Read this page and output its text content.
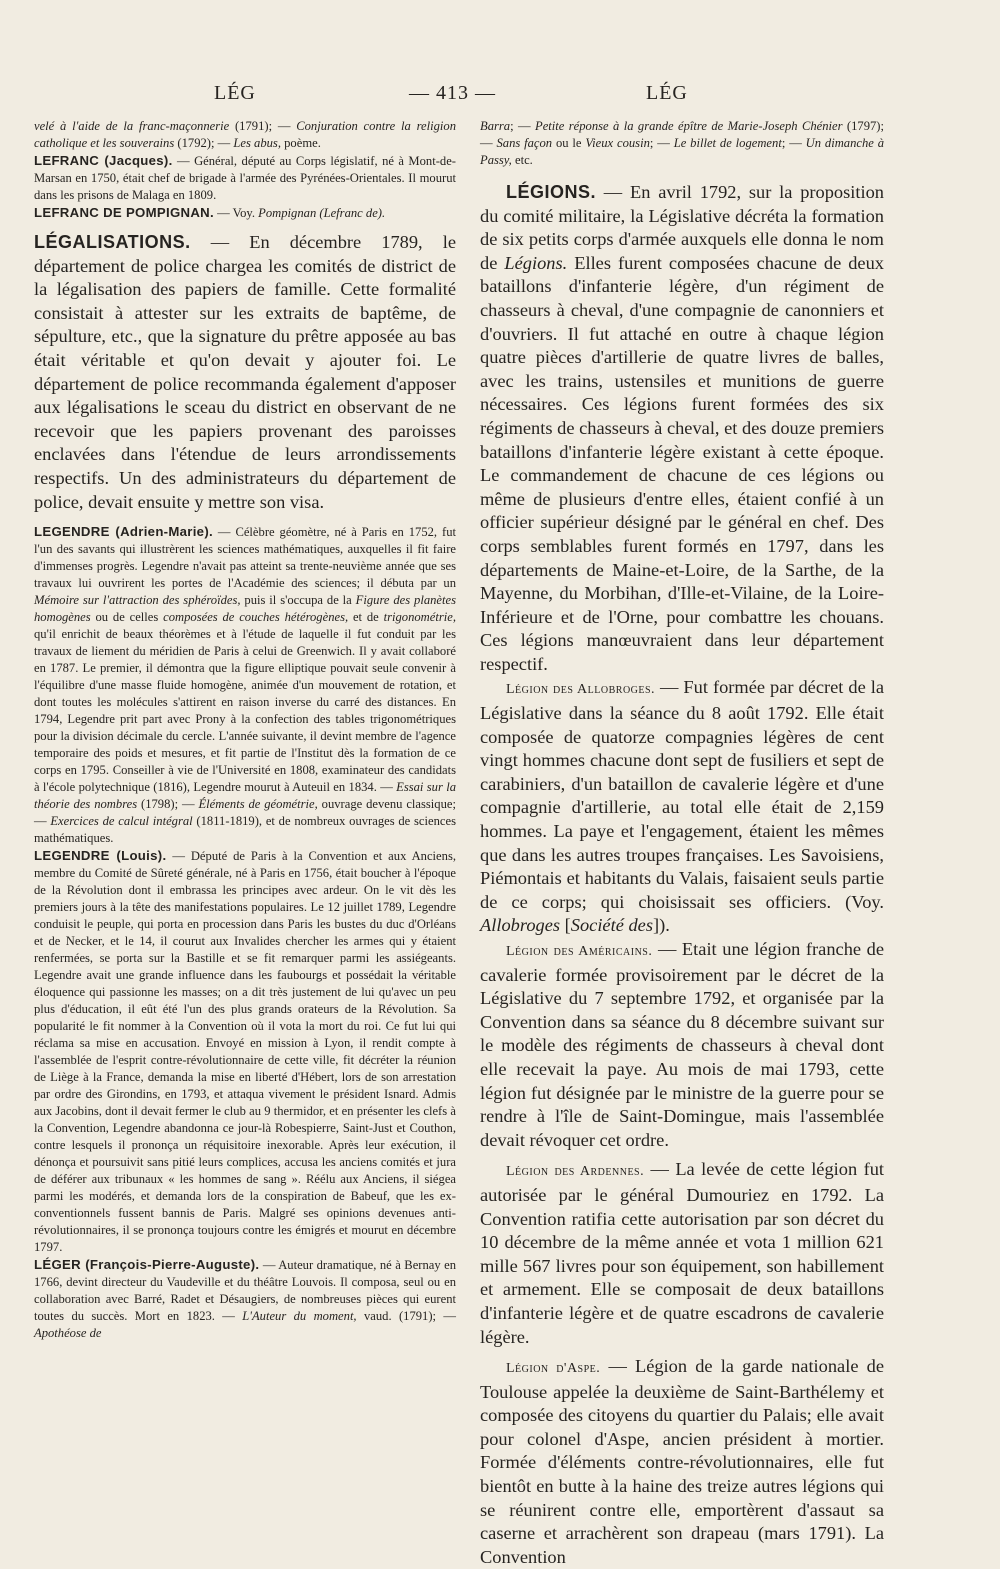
LÉG	— 413 —	LÉG

velé à l'aide de la franc-maçonnerie (1791); — Conjuration contre la religion catholique et les souverains (1792); — Les abus, poème.

LEFRANC (Jacques). — Général, député au Corps législatif, né à Mont-de-Marsan en 1750, était chef de brigade à l'armée des Pyrénées-Orientales. Il mourut dans les prisons de Malaga en 1809.

LEFRANC DE POMPIGNAN. — Voy. Pompignan (Lefranc de).

LÉGALISATIONS. — En décembre 1789, le département de police chargea les comités de district de la légalisation des papiers de famille. Cette formalité consistait à attester sur les extraits de baptême, de sépulture, etc., que la signature du prêtre apposée au bas était véritable et qu'on devait y ajouter foi. Le département de police recommanda également d'apposer aux légalisations le sceau du district en observant de ne recevoir que les papiers provenant des paroisses enclavées dans l'étendue de leurs arrondissements respectifs. Un des administrateurs du département de police, devait ensuite y mettre son visa.

LEGENDRE (Adrien-Marie). — Célèbre géomètre, né à Paris en 1752, fut l'un des savants qui illustrèrent les sciences mathématiques, auxquelles il fit faire d'immenses progrès. Legendre n'avait pas atteint sa trente-neuvième année que ses travaux lui ouvrirent les portes de l'Académie des sciences; il débuta par un Mémoire sur l'attraction des sphéroïdes, puis il s'occupa de la Figure des planètes homogènes ou de celles composées de couches hétérogènes, et de trigonométrie, qu'il enrichit de beaux théorèmes et à l'étude de laquelle il fut conduit par les travaux de liement du méridien de Paris à celui de Greenwich. Il y avait collaboré en 1787. Le premier, il démontra que la figure elliptique pouvait seule convenir à l'équilibre d'une masse fluide homogène, animée d'un mouvement de rotation, et dont toutes les molécules s'attirent en raison inverse du carré des distances. En 1794, Legendre prit part avec Prony à la confection des tables trigonométriques pour la division décimale du cercle. L'année suivante, il devint membre de l'agence temporaire des poids et mesures, et fit partie de l'Institut dès la formation de ce corps en 1795. Conseiller à vie de l'Université en 1808, examinateur des candidats à l'école polytechnique (1816), Legendre mourut à Auteuil en 1834. — Essai sur la théorie des nombres (1798); — Éléments de géométrie, ouvrage devenu classique; — Exercices de calcul intégral (1811-1819), et de nombreux ouvrages de sciences mathématiques.

LEGENDRE (Louis). — Député de Paris à la Convention et aux Anciens, membre du Comité de Sûreté générale, né à Paris en 1756, était boucher à l'époque de la Révolution dont il embrassa les principes avec ardeur. On le vit dès les premiers jours à la tête des manifestations populaires. Le 12 juillet 1789, Legendre conduisit le peuple, qui porta en procession dans Paris les bustes du duc d'Orléans et de Necker, et le 14, il courut aux Invalides chercher les armes qui y étaient renfermées, se porta sur la Bastille et se fit remarquer parmi les assiégeants. Legendre avait une grande influence dans les faubourgs et possédait la véritable éloquence qui passionne les masses; on a dit très justement de lui qu'avec un peu plus d'éducation, il eût été l'un des plus grands orateurs de la Révolution. Sa popularité le fit nommer à la Convention où il vota la mort du roi. Ce fut lui qui réclama sa mise en accusation. Envoyé en mission à Lyon, il rendit compte à l'assemblée de l'esprit contre-révolutionnaire de cette ville, fit décréter la réunion de Liège à la France, demanda la mise en liberté d'Hébert, lors de son arrestation par ordre des Girondins, en 1793, et attaqua vivement le président Isnard. Admis aux Jacobins, dont il devait fermer le club au 9 thermidor, et en présenter les clefs à la Convention, Legendre abandonna ce jour-là Robespierre, Saint-Just et Couthon, contre lesquels il prononça un réquisitoire inexorable. Après leur exécution, il dénonça et poursuivit sans pitié leurs complices, accusa les anciens comités et jura de déférer aux tribunaux « les hommes de sang ». Réélu aux Anciens, il siégea parmi les modérés, et demanda lors de la conspiration de Babeuf, que les ex-conventionnels fussent bannis de Paris. Malgré ses opinions devenues anti-révolutionnaires, il se prononça toujours contre les émigrés et mourut en décembre 1797.

LÉGER (François-Pierre-Auguste). — Auteur dramatique, né à Bernay en 1766, devint directeur du Vaudeville et du théâtre Louvois. Il composa, seul ou en collaboration avec Barré, Radet et Désaugiers, de nombreuses pièces qui eurent toutes du succès. Mort en 1823. — L'Auteur du moment, vaud. (1791); — Apothéose de

Barra; — Petite réponse à la grande épître de Marie-Joseph Chénier (1797); — Sans façon ou le Vieux cousin; — Le billet de logement; — Un dimanche à Passy, etc.

LÉGIONS. — En avril 1792, sur la proposition du comité militaire, la Législative décréta la formation de six petits corps d'armée auxquels elle donna le nom de Légions. Elles furent composées chacune de deux bataillons d'infanterie légère, d'un régiment de chasseurs à cheval, d'une compagnie de canonniers et d'ouvriers. Il fut attaché en outre à chaque légion quatre pièces d'artillerie de quatre livres de balles, avec les trains, ustensiles et munitions de guerre nécessaires. Ces légions furent formées des six régiments de chasseurs à cheval, et des douze premiers bataillons d'infanterie légère existant à cette époque. Le commandement de chacune de ces légions ou même de plusieurs d'entre elles, étaient confié à un officier supérieur désigné par le général en chef. Des corps semblables furent formés en 1797, dans les départements de Maine-et-Loire, de la Sarthe, de la Mayenne, du Morbihan, d'Ille-et-Vilaine, de la Loire-Inférieure et de l'Orne, pour combattre les chouans. Ces légions manœuvraient dans leur département respectif.

Légion des Allobroges. — Fut formée par décret de la Législative dans la séance du 8 août 1792. Elle était composée de quatorze compagnies légères de cent vingt hommes chacune dont sept de fusiliers et sept de carabiniers, d'un bataillon de cavalerie légère et d'une compagnie d'artillerie, au total elle était de 2,159 hommes. La paye et l'engagement, étaient les mêmes que dans les autres troupes françaises. Les Savoisiens, Piémontais et habitants du Valais, faisaient seuls partie de ce corps; qui choisissait ses officiers. (Voy. Allobroges [Société des]).

Légion des Américains. — Etait une légion franche de cavalerie formée provisoirement par le décret de la Législative du 7 septembre 1792, et organisée par la Convention dans sa séance du 8 décembre suivant sur le modèle des régiments de chasseurs à cheval dont elle recevait la paye. Au mois de mai 1793, cette légion fut désignée par le ministre de la guerre pour se rendre à l'île de Saint-Domingue, mais l'assemblée devait révoquer cet ordre.

Légion des Ardennes. — La levée de cette légion fut autorisée par le général Dumouriez en 1792. La Convention ratifia cette autorisation par son décret du 10 décembre de la même année et vota 1 million 621 mille 567 livres pour son équipement, son habillement et armement. Elle se composait de deux bataillons d'infanterie légère et de quatre escadrons de cavalerie légère.

Légion d'Aspe. — Légion de la garde nationale de Toulouse appelée la deuxième de Saint-Barthélemy et composée des citoyens du quartier du Palais; elle avait pour colonel d'Aspe, ancien président à mortier. Formée d'éléments contre-révolutionnaires, elle fut bientôt en butte à la haine des treize autres légions qui se réunirent contre elle, emportèrent d'assaut sa caserne et arrachèrent son drapeau (mars 1791). La Convention
